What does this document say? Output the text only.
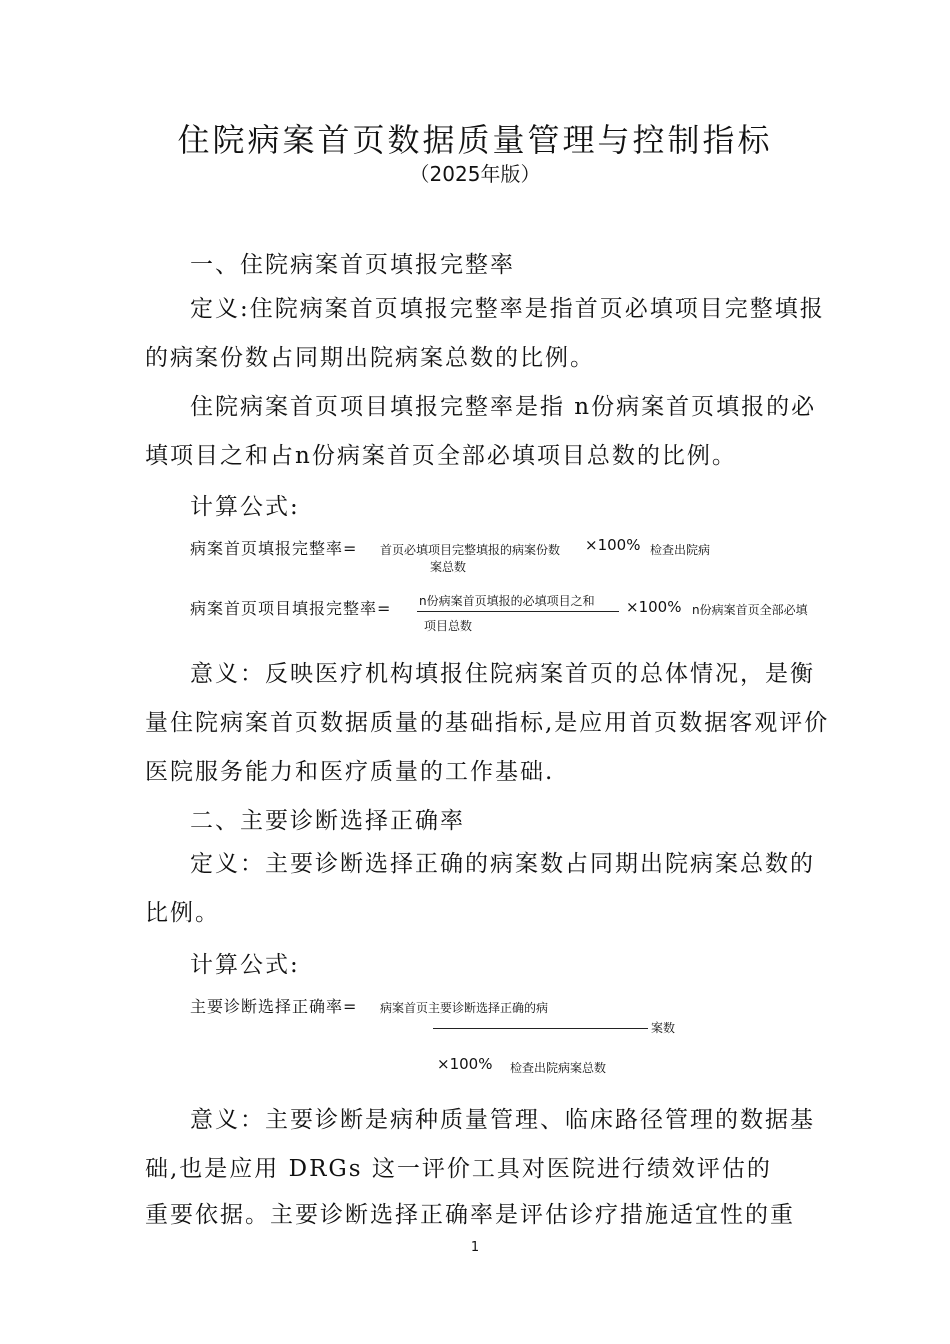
住院病案首页数据质量管理与控制指标
（2025年版）
一、住院病案首页填报完整率
定义:住院病案首页填报完整率是指首页必填项目完整填报的病案份数占同期出院病案总数的比例。
住院病案首页项目填报完整率是指 n份病案首页填报的必填项目之和占n份病案首页全部必填项目总数的比例。
计算公式:
病案首页填报完整率= 首页必填项目完整填报的病案份数 ×100% 检查出院病
案总数
病案首页项目填报完整率= n份病案首页填报的必填项目之和 ×100% n份病案首页全部必填
项目总数
意义：反映医疗机构填报住院病案首页的总体情况，是衡量住院病案首页数据质量的基础指标,是应用首页数据客观评价医院服务能力和医疗质量的工作基础.
二、主要诊断选择正确率
定义：主要诊断选择正确的病案数占同期出院病案总数的比例。
计算公式:
主要诊断选择正确率= 病案首页主要诊断选择正确的病
案数
×100% 检查出院病案总数
意义：主要诊断是病种质量管理、临床路径管理的数据基
础,也是应用 DRGs 这一评价工具对医院进行绩效评估的
重要依据。主要诊断选择正确率是评估诊疗措施适宜性的重
1
